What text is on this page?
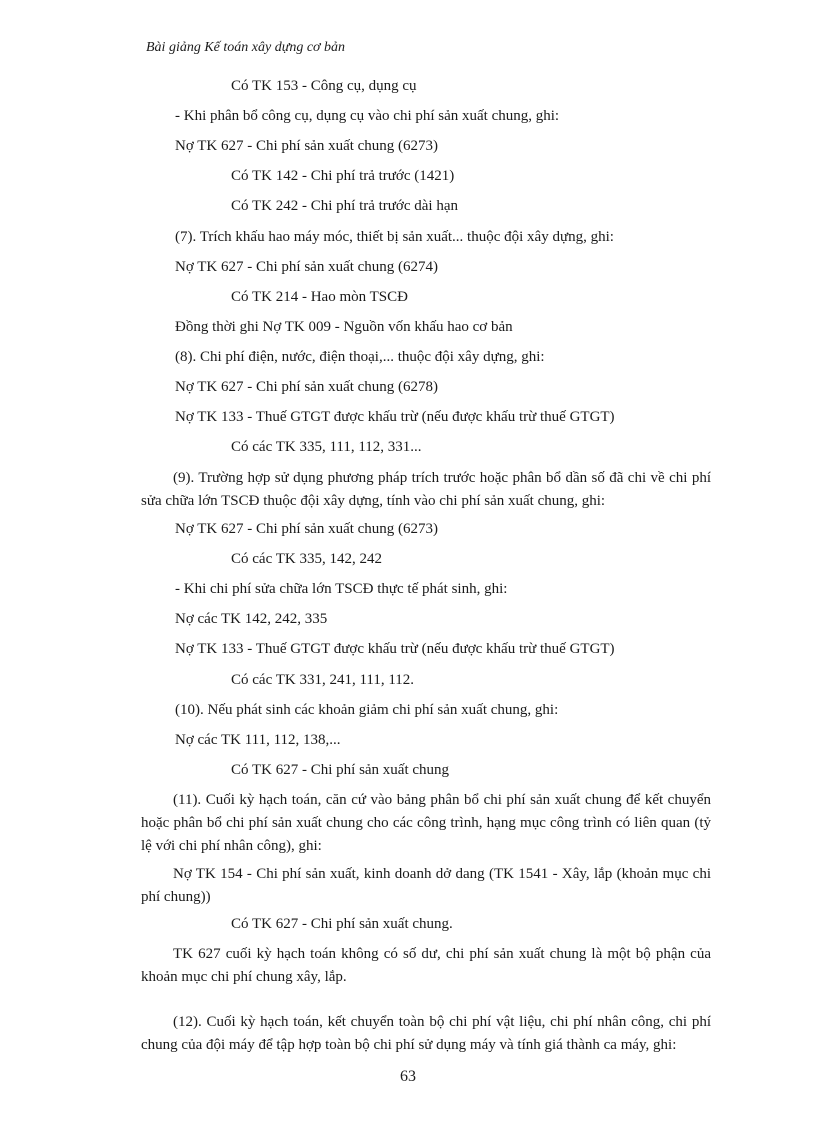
Bài giảng Kế toán xây dựng cơ bản
Có TK 153 - Công cụ, dụng cụ
- Khi phân bổ công cụ, dụng cụ vào chi phí sản xuất chung, ghi:
Nợ TK 627 - Chi phí sản xuất chung (6273)
Có TK 142 - Chi phí trả trước (1421)
Có TK 242 - Chi phí trả trước dài hạn
(7). Trích khấu hao máy móc, thiết bị sản xuất... thuộc đội xây dựng, ghi:
Nợ TK 627 - Chi phí sản xuất chung (6274)
Có TK 214 - Hao mòn TSCĐ
Đồng thời ghi Nợ TK 009 - Nguồn vốn khấu hao cơ bản
(8). Chi phí điện, nước, điện thoại,... thuộc đội xây dựng, ghi:
Nợ TK 627 - Chi phí sản xuất chung (6278)
Nợ TK 133 - Thuế GTGT được khấu trừ (nếu được khấu trừ thuế GTGT)
Có các TK 335, 111, 112, 331...
(9). Trường hợp sử dụng phương pháp trích trước hoặc phân bổ dần số đã chi về chi phí sửa chữa lớn TSCĐ thuộc đội xây dựng, tính vào chi phí sản xuất chung, ghi:
Nợ TK 627 - Chi phí sản xuất chung (6273)
Có các TK 335, 142, 242
- Khi chi phí sửa chữa lớn TSCĐ thực tế phát sinh, ghi:
Nợ các TK 142, 242, 335
Nợ TK 133 - Thuế GTGT được khấu trừ (nếu được khấu trừ thuế GTGT)
Có các TK 331, 241, 111, 112.
(10). Nếu phát sinh các khoản giảm chi phí sản xuất chung, ghi:
Nợ các TK 111, 112, 138,...
Có TK 627 - Chi phí sản xuất chung
(11). Cuối kỳ hạch toán, căn cứ vào bảng phân bổ chi phí sản xuất chung để kết chuyển hoặc phân bổ chi phí sản xuất chung cho các công trình, hạng mục công trình có liên quan (tỷ lệ với chi phí nhân công), ghi:
Nợ TK 154 - Chi phí sản xuất, kinh doanh dở dang (TK 1541 - Xây, lắp (khoản mục chi phí chung))
Có TK 627 - Chi phí sản xuất chung.
TK 627 cuối kỳ hạch toán không có số dư, chi phí sản xuất chung là một bộ phận của khoản mục chi phí chung xây, lắp.
(12). Cuối kỳ hạch toán, kết chuyển toàn bộ chi phí vật liệu, chi phí nhân công, chi phí chung của đội máy để tập hợp toàn bộ chi phí sử dụng máy và tính giá thành ca máy, ghi:
63
